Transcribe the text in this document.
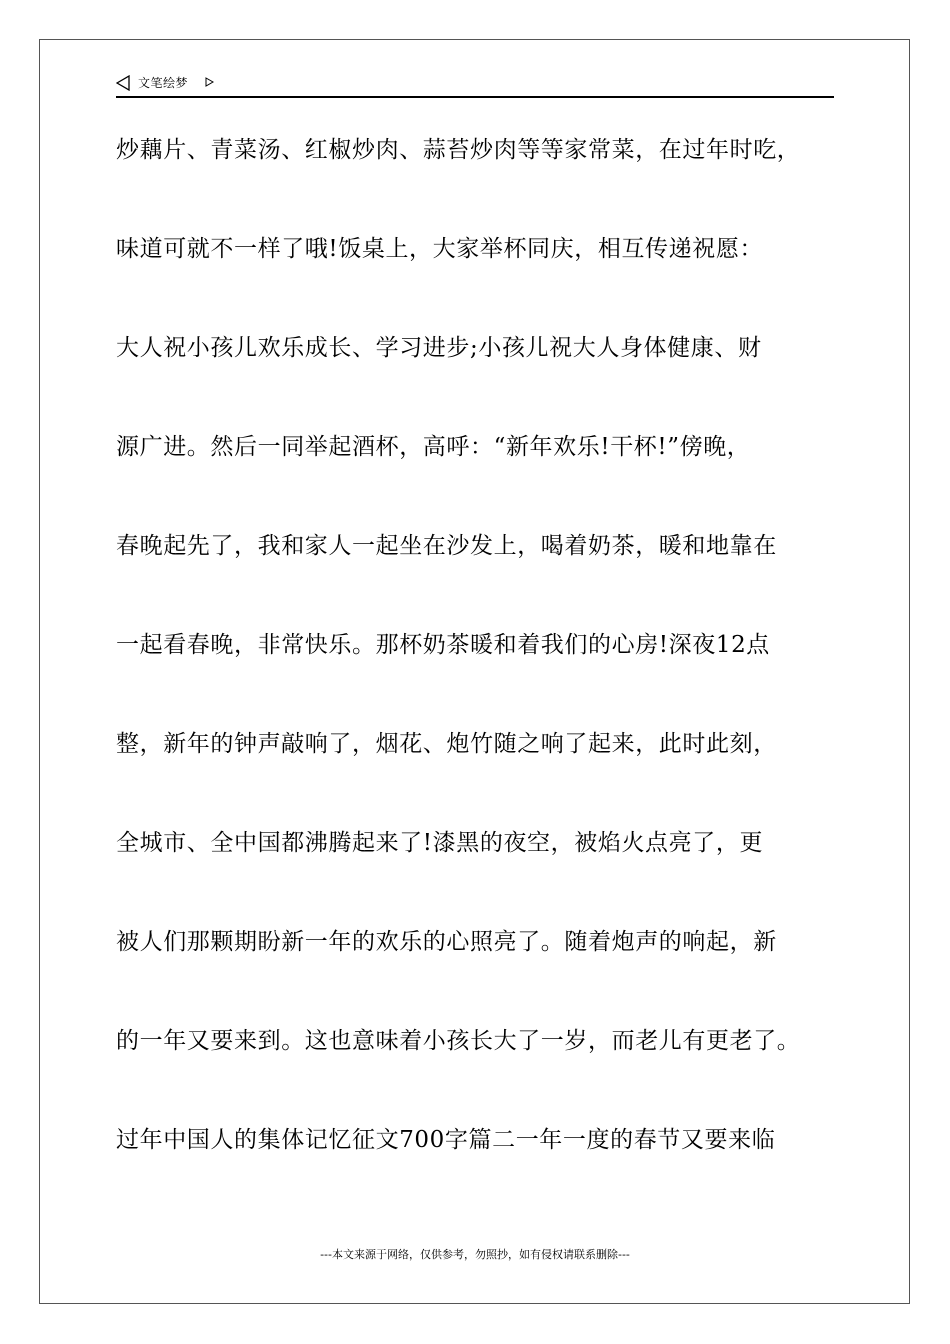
文笔绘梦
炒藕片、青菜汤、红椒炒肉、蒜苔炒肉等等家常菜，在过年时吃，
味道可就不一样了哦!饭桌上，大家举杯同庆，相互传递祝愿：
大人祝小孩儿欢乐成长、学习进步;小孩儿祝大人身体健康、财
源广进。然后一同举起酒杯，高呼：“新年欢乐!干杯!”傍晚，
春晚起先了，我和家人一起坐在沙发上，喝着奶茶，暖和地靠在
一起看春晚，非常快乐。那杯奶茶暖和着我们的心房!深夜12点
整，新年的钟声敲响了，烟花、炮竹随之响了起来，此时此刻，
全城市、全中国都沸腾起来了!漆黑的夜空，被焰火点亮了，更
被人们那颗期盼新一年的欢乐的心照亮了。随着炮声的响起，新
的一年又要来到。这也意味着小孩长大了一岁，而老儿有更老了。
过年中国人的集体记忆征文700字篇二一年一度的春节又要来临
---本文来源于网络，仅供参考，勿照抄，如有侵权请联系删除---
